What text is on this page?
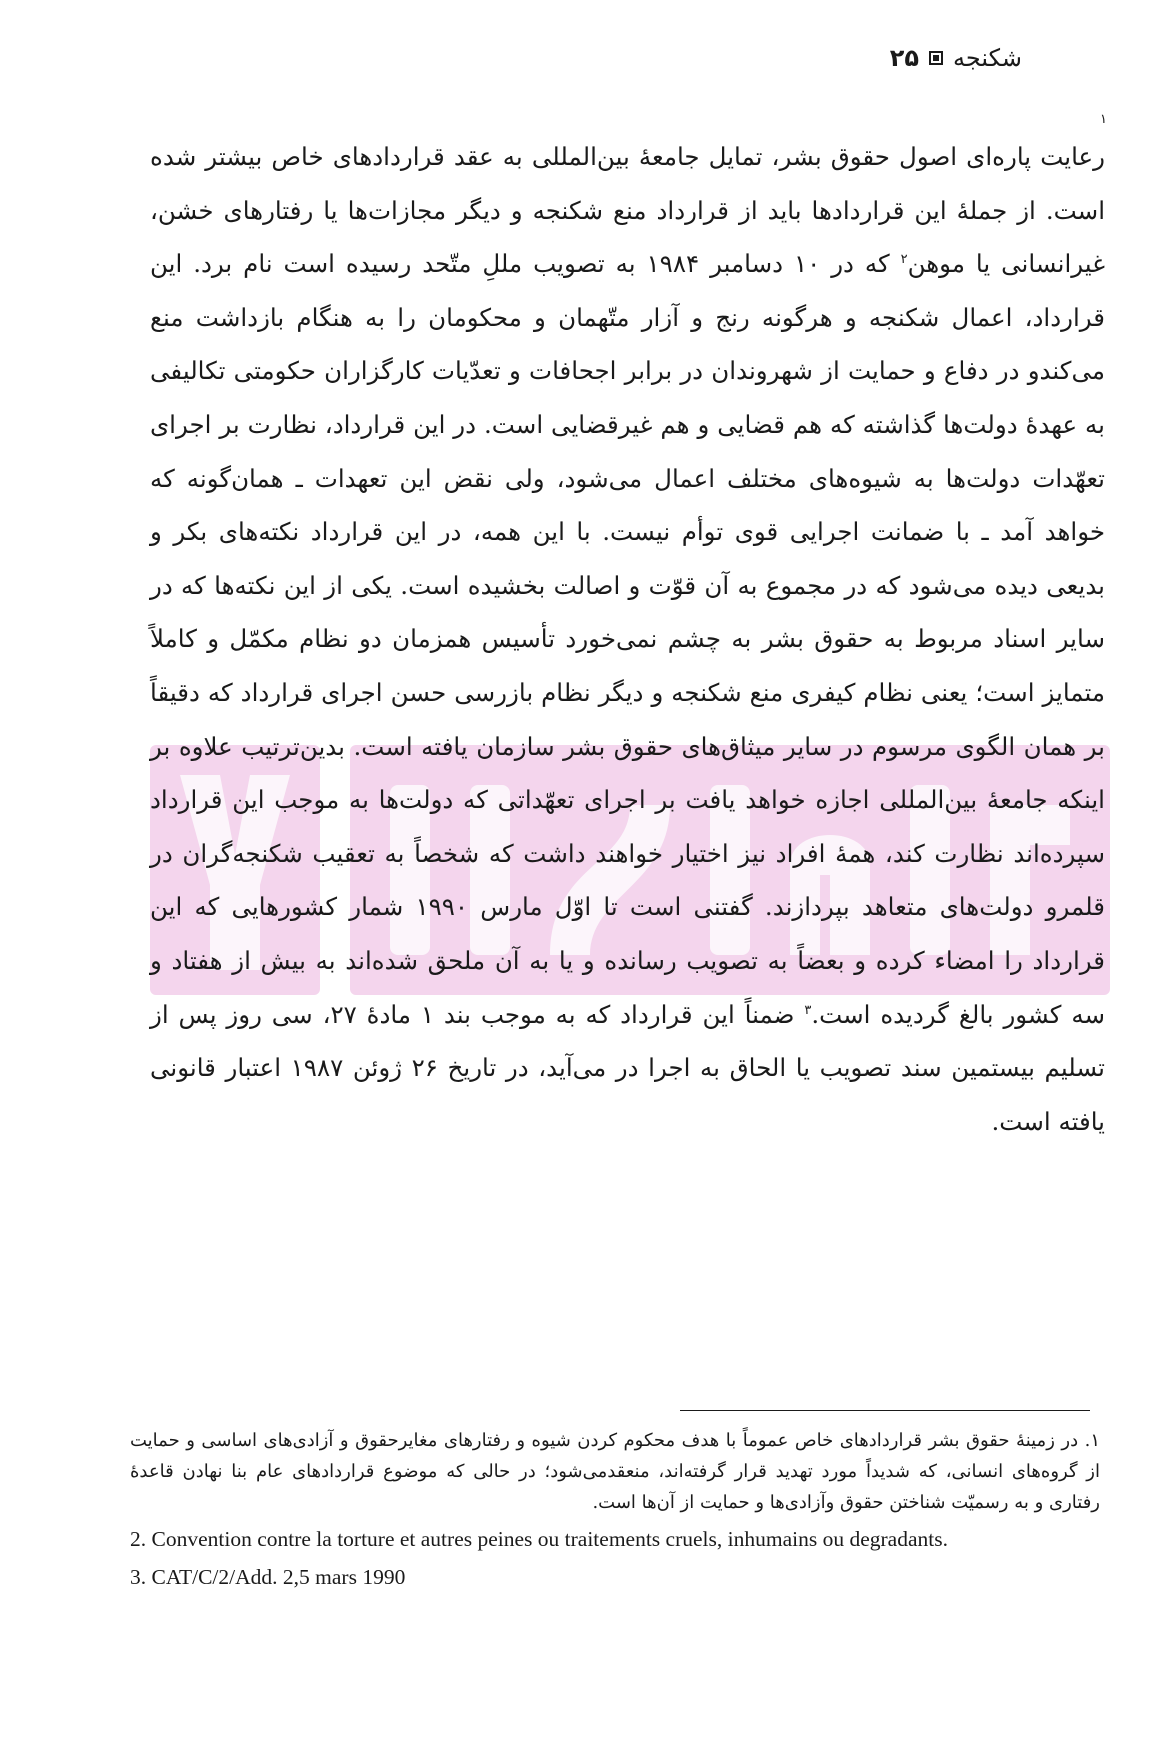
شکنجه
۲۵

رعایت پاره‌ای اصول حقوق بشر، تمایل جامعهٔ بین‌المللی به عقد قراردادهای خاص بیشتر شده است. از جملهٔ این قراردادها باید از قرارداد منع شکنجه و دیگر مجازات‌ها یا رفتارهای خشن، غیرانسانی یا موهن$^۲$ که در ۱۰ دسامبر ۱۹۸۴ به تصویب مللِ متّحد رسیده است نام برد. این قرارداد، اعمال شکنجه و هرگونه رنج و آزار متّهمان و محکومان را به هنگام بازداشت منع می‌کندو در دفاع و حمایت از شهروندان در برابر اجحافات و تعدّیات کارگزاران حکومتی تکالیفی به عهدهٔ دولت‌ها گذاشته که هم قضایی و هم غیرقضایی است. در این قرارداد، نظارت بر اجرای تعهّدات دولت‌ها به شیوه‌های مختلف اعمال می‌شود، ولی نقض این تعهدات ـ همان‌گونه که خواهد آمد ـ با ضمانت اجرایی قوی توأم نیست. با این همه، در این قرارداد نکته‌های بکر و بدیعی دیده می‌شود که در مجموع به آن قوّت و اصالت بخشیده است. یکی از این نکته‌ها که در سایر اسناد مربوط به حقوق بشر به چشم نمی‌خورد تأسیس همزمان دو نظام مکمّل و کاملاً متمایز است؛ یعنی نظام کیفری منع شکنجه و دیگر نظام بازرسی حسن اجرای قرارداد که دقیقاً بر همان الگوی مرسوم در سایر میثاق‌های حقوق بشر سازمان یافته است. بدین‌ترتیب علاوه بر اینکه جامعهٔ بین‌المللی اجازه خواهد یافت بر اجرای تعهّداتی که دولت‌ها به موجب این قرارداد سپرده‌اند نظارت کند، همهٔ افراد نیز اختیار خواهند داشت که شخصاً به تعقیب شکنجه‌گران در قلمرو دولت‌های متعاهد بپردازند. گفتنی است تا اوّل مارس ۱۹۹۰ شمار کشورهایی که این قرارداد را امضاء کرده و بعضاً به تصویب رسانده و یا به آن ملحق شده‌اند به بیش از هفتاد و سه کشور بالغ گردیده است.$^۳$ ضمناً این قرارداد که به موجب بند ۱ مادهٔ ۲۷، سی روز پس از تسلیم بیستمین سند تصویب یا الحاق به اجرا در می‌آید، در تاریخ ۲۶ ژوئن ۱۹۸۷ اعتبار قانونی یافته است.

۱

۱. در زمینهٔ حقوق بشر قراردادهای خاص عموماً با هدف محکوم کردن شیوه و رفتارهای مغایرحقوق و آزادی‌های اساسی و حمایت از گروه‌های انسانی، که شدیداً مورد تهدید قرار گرفته‌اند، منعقدمی‌شود؛ در حالی که موضوع قراردادهای عام بنا نهادن قاعدهٔ رفتاری و به رسمیّت شناختن حقوق وآزادی‌ها و حمایت از آن‌ها است.

2. Convention contre la torture et autres peines ou traitements cruels, inhumains ou degradants.

3. CAT/C/2/Add. 2,5 mars 1990
